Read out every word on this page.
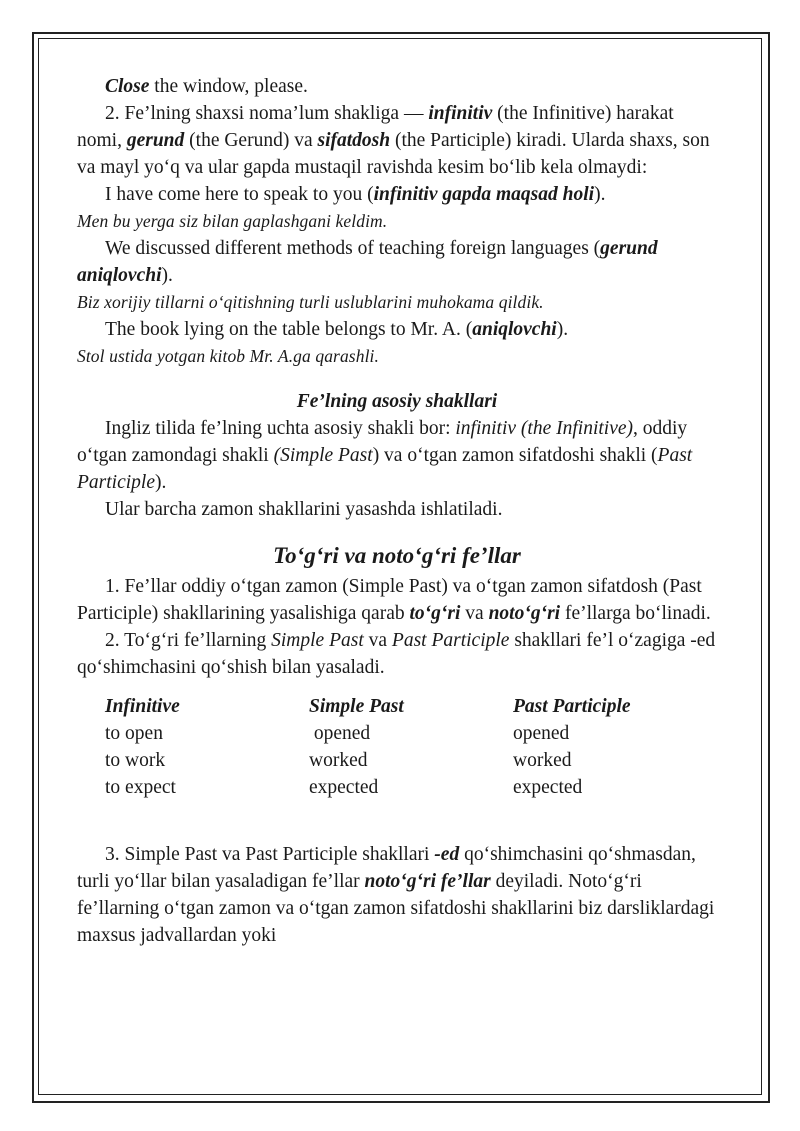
Close the window, please.

2. Fe’lning shaxsi noma’lum shakliga — infinitiv (the Infinitive) harakat nomi, gerund (the Gerund) va sifatdosh (the Participle) kiradi. Ularda shaxs, son va mayl yo‘q va ular gapda mustaqil ravishda kesim bo‘lib kela olmaydi:

I have come here to speak to you (infinitiv gapda maqsad holi).

Men bu yerga siz bilan gaplashgani keldim.

We discussed different methods of teaching foreign languages (gerund aniqlovchi).

Biz xorijiy tillarni o‘qitishning turli uslublarini muhokama qildik.

The book lying on the table belongs to Mr. A. (aniqlovchi).

Stol ustida yotgan kitob Mr. A.ga qarashli.

Fe’lning asosiy shakllari

Ingliz tilida fe’lning uchta asosiy shakli bor: infinitiv (the Infinitive), oddiy o‘tgan zamondagi shakli (Simple Past) va o‘tgan zamon sifatdoshi shakli (Past Participle).

Ular barcha zamon shakllarini yasashda ishlatiladi.

To‘g‘ri va noto‘g‘ri fe’llar

1. Fe’llar oddiy o‘tgan zamon (Simple Past) va o‘tgan zamon sifatdosh (Past Participle) shakllarining yasalishiga qarab to‘g‘ri va noto‘g‘ri fe’llarga bo‘linadi.

2. To‘g‘ri fe’llarning Simple Past va Past Participle shakllari fe’l o‘zagiga -ed qo‘shimchasini qo‘shish bilan yasaladi.

Infinitive	Simple Past	Past Participle
to open	opened	opened
to work	worked	worked
to expect	expected	expected

3. Simple Past va Past Participle shakllari -ed qo‘shimchasini qo‘shmasdan, turli yo‘llar bilan yasaladigan fe’llar noto‘g‘ri fe’llar deyiladi. Noto‘g‘ri fe’llarning o‘tgan zamon va o‘tgan zamon sifatdoshi shakllarini biz darsliklardagi maxsus jadvallardan yoki
